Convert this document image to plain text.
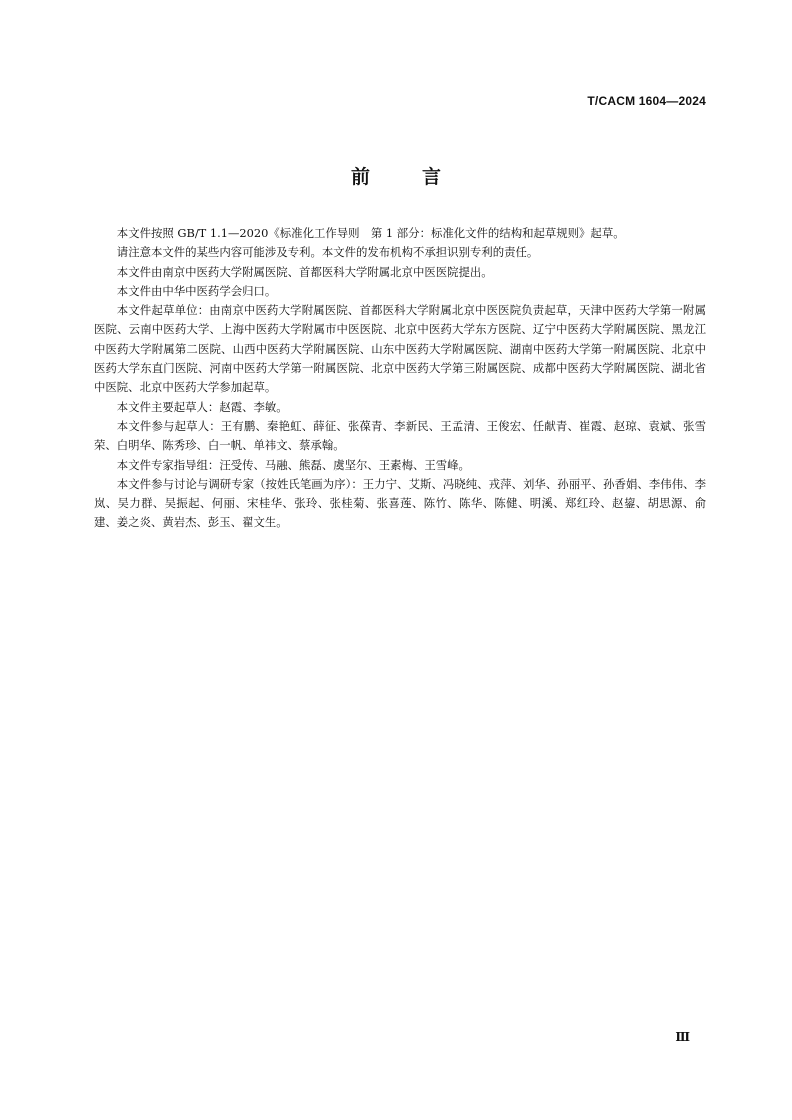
T/CACM 1604—2024
前	言

本文件按照 GB/T 1.1—2020《标准化工作导则　第 1 部分：标准化文件的结构和起草规则》起草。

请注意本文件的某些内容可能涉及专利。本文件的发布机构不承担识别专利的责任。

本文件由南京中医药大学附属医院、首都医科大学附属北京中医医院提出。

本文件由中华中医药学会归口。

本文件起草单位：由南京中医药大学附属医院、首都医科大学附属北京中医医院负责起草，天津中医药大学第一附属医院、云南中医药大学、上海中医药大学附属市中医医院、北京中医药大学东方医院、辽宁中医药大学附属医院、黑龙江中医药大学附属第二医院、山西中医药大学附属医院、山东中医药大学附属医院、湖南中医药大学第一附属医院、北京中医药大学东直门医院、河南中医药大学第一附属医院、北京中医药大学第三附属医院、成都中医药大学附属医院、湖北省中医院、北京中医药大学参加起草。

本文件主要起草人：赵霞、李敏。

本文件参与起草人：王有鹏、秦艳虹、薛征、张葆青、李新民、王孟清、王俊宏、任献青、崔霞、赵琼、袁斌、张雪荣、白明华、陈秀珍、白一帆、单祎文、蔡承翰。

本文件专家指导组：汪受传、马融、熊磊、虞坚尔、王素梅、王雪峰。

本文件参与讨论与调研专家（按姓氏笔画为序）：王力宁、艾斯、冯晓纯、戎萍、刘华、孙丽平、孙香娟、李伟伟、李岚、吴力群、吴振起、何丽、宋桂华、张玲、张桂菊、张喜莲、陈竹、陈华、陈健、明溪、郑红玲、赵鋆、胡思源、俞建、姜之炎、黄岩杰、彭玉、翟文生。

Ⅲ
